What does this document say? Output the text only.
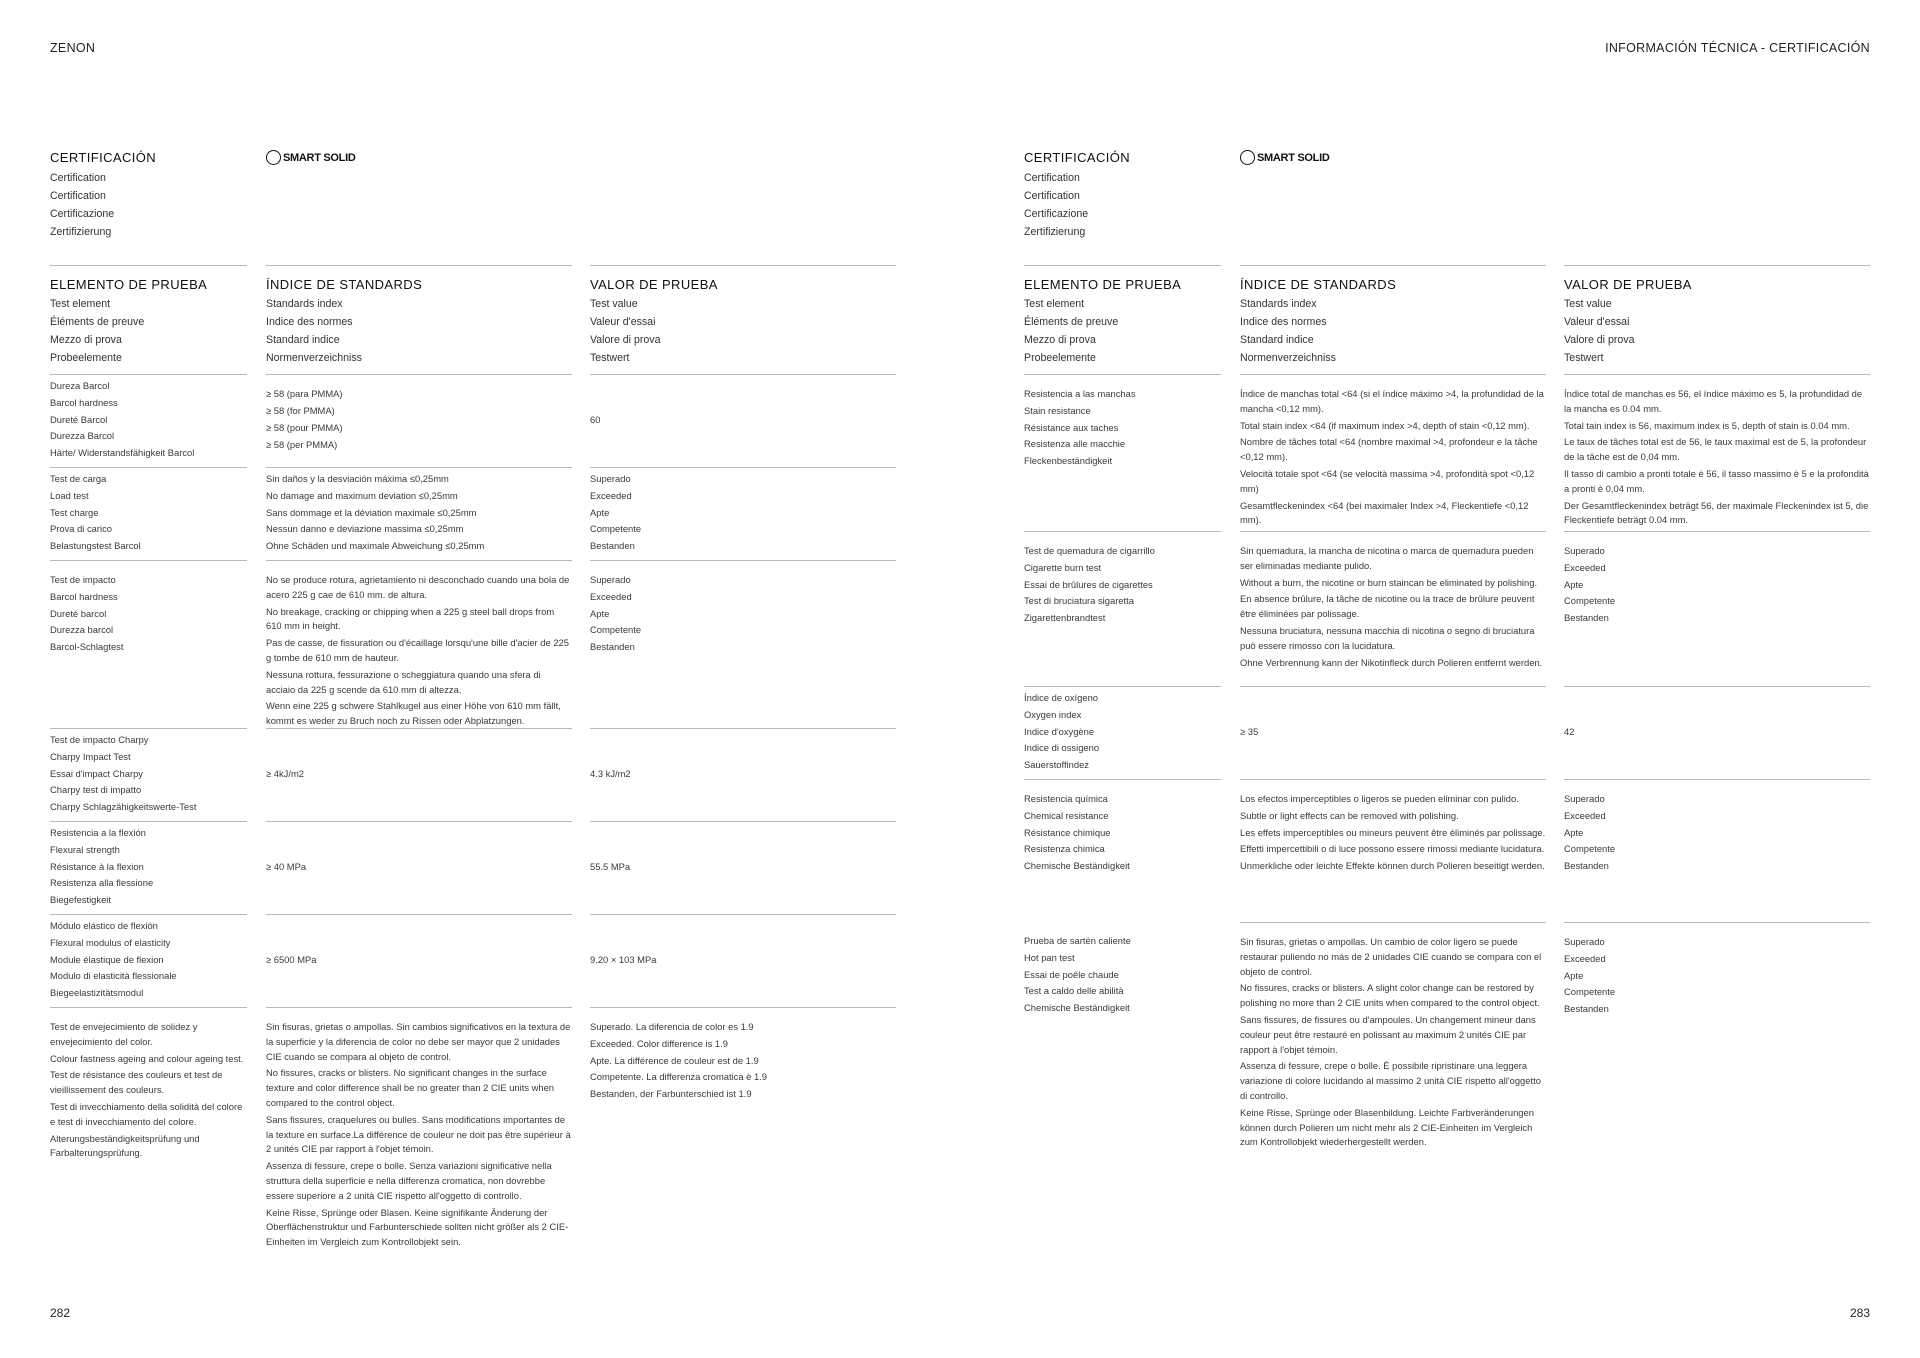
ZENON
CERTIFICACIÓN
Certification
Certification
Certificazione
Zertifizierung
SMART SOLID
ELEMENTO DE PRUEBA
Test element
Éléments de preuve
Mezzo di prova
Probeelemente

Dureza Barcol

Barcol hardness

Dureté Barcol

Durezza Barcol

Härte/ Widerstandsfähigkeit Barcol

Test de carga

Load test

Test charge

Prova di carico

Belastungstest Barcol

Test de impacto

Barcol hardness

Dureté barcol

Durezza barcol

Barcol-Schlagtest

Test de impacto Charpy

Charpy Impact Test

Essai d'impact Charpy

Charpy test di impatto

Charpy Schlagzähigkeitswerte-Test

Resistencia a la flexión

Flexural strength

Résistance à la flexion

Resistenza alla flessione

Biegefestigkeit

Módulo elástico de flexión

Flexural modulus of elasticity

Module élastique de flexion

Modulo di elasticità flessionale

Biegeelastizitätsmodul

Test de envejecimiento de solidez y envejecimiento del color.

Colour fastness ageing and colour ageing test.

Test de résistance des couleurs et test de vieillissement des couleurs.

Test di invecchiamento della solidità del colore e test di invecchiamento del colore.

Alterungsbeständigkeitsprüfung und Farbalterungsprüfung.

ÍNDICE DE STANDARDS
Standards index
Indice des normes
Standard indice
Normenverzeichniss

≥ 58 (para PMMA)

≥ 58 (for PMMA)

≥ 58 (pour PMMA)

≥ 58 (per PMMA)

Sin daños y la desviación máxima ≤0,25mm

No damage and maximum deviation ≤0,25mm

Sans dommage et la déviation maximale ≤0,25mm

Nessun danno e deviazione massima ≤0,25mm

Ohne Schäden und maximale Abweichung ≤0,25mm

No se produce rotura, agrietamiento ni desconchado cuando una bola de acero 225 g cae de 610 mm. de altura.

No breakage, cracking or chipping when a 225 g steel ball drops from 610 mm in height.

Pas de casse, de fissuration ou d'écaillage lorsqu'une bille d'acier de 225 g tombe de 610 mm de hauteur.

Nessuna rottura, fessurazione o scheggiatura quando una sfera di acciaio da 225 g scende da 610 mm di altezza.

Wenn eine 225 g schwere Stahlkugel aus einer Höhe von 610 mm fällt, kommt es weder zu Bruch noch zu Rissen oder Abplatzungen.

≥ 4kJ/m2

≥ 40 MPa

≥ 6500 MPa

Sin fisuras, grietas o ampollas. Sin cambios significativos en la textura de la superficie y la diferencia de color no debe ser mayor que 2 unidades CIE cuando se compara al objeto de control.

No fissures, cracks or blisters. No significant changes in the surface texture and color difference shall be no greater than 2 CIE units when compared to the control object.

Sans fissures, craquelures ou bulles. Sans modifications importantes de la texture en surface.La différence de couleur ne doit pas être supérieur à 2 unités CIE par rapport à l'objet témoin.

Assenza di fessure, crepe o bolle. Senza variazioni significative nella struttura della superficie e nella differenza cromatica, non dovrebbe essere superiore a 2 unità CIE rispetto all'oggetto di controllo.

Keine Risse, Sprünge oder Blasen. Keine signifikante Änderung der Oberflächenstruktur und Farbunterschiede sollten nicht größer als 2 CIE-Einheiten im Vergleich zum Kontrollobjekt sein.

VALOR DE PRUEBA
Test value
Valeur d'essai
Valore di prova
Testwert

60

Superado

Exceeded

Apte

Competente

Bestanden

Superado

Exceeded

Apte

Competente

Bestanden

4.3 kJ/m2

55.5 MPa

9.20 × 103 MPa

Superado. La diferencia de color es 1.9

Exceeded. Color difference is 1.9

Apte. La différence de couleur est de 1.9

Competente. La differenza cromatica è 1.9

Bestanden, der Farbunterschied ist 1.9

282
INFORMACIÓN TÉCNICA - CERTIFICACIÓN
CERTIFICACIÓN
Certification
Certification
Certificazione
Zertifizierung
SMART SOLID
ELEMENTO DE PRUEBA
Test element
Éléments de preuve
Mezzo di prova
Probeelemente

Resistencia a las manchas

Stain resistance

Résistance aux taches

Resistenza alle macchie

Fleckenbeständigkeit

Test de quemadura de cigarrillo

Cigarette burn test

Essai de brûlures de cigarettes

Test di bruciatura sigaretta

Zigarettenbrandtest

Índice de oxígeno

Oxygen index

Indice d'oxygène

Indice di ossigeno

Sauerstoffindez

Resistencia química

Chemical resistance

Résistance chimique

Resistenza chimica

Chemische Beständigkeit

Prueba de sartén caliente

Hot pan test

Essai de poêle chaude

Test a caldo delle abilità

Chemische Beständigkeit

ÍNDICE DE STANDARDS
Standards index
Indice des normes
Standard indice
Normenverzeichniss

Índice de manchas total <64 (si el índice máximo >4, la profundidad de la mancha <0,12 mm).

Total stain index <64 (if maximum index >4, depth of stain <0,12 mm).

Nombre de tâches total <64 (nombre maximal >4, profondeur e la tâche <0,12 mm).

Velocità totale spot <64 (se velocità massima >4, profondità spot <0,12 mm)

Gesamtfleckenindex <64 (bei maximaler Index >4, Fleckentiefe <0,12 mm).

Sin quemadura, la mancha de nicotina o marca de quemadura pueden ser eliminadas mediante pulido.

Without a burn, the nicotine or burn staincan be eliminated by polishing.

En absence brûlure, la tâche de nicotine ou la trace de brûlure peuvent être éliminées par polissage.

Nessuna bruciatura, nessuna macchia di nicotina o segno di bruciatura può essere rimosso con la lucidatura.

Ohne Verbrennung kann der Nikotinfleck durch Polieren entfernt werden.

≥ 35

Los efectos imperceptibles o ligeros se pueden eliminar con pulido.

Subtle or light effects can be removed with polishing.

Les effets imperceptibles ou mineurs peuvent être éliminés par polissage.

Effetti impercettibili o di luce possono essere rimossi mediante lucidatura.

Unmerkliche oder leichte Effekte können durch Polieren beseitigt werden.

Sin fisuras, grietas o ampollas. Un cambio de color ligero se puede restaurar puliendo no más de 2 unidades CIE cuando se compara con el objeto de control.

No fissures, cracks or blisters. A slight color change can be restored by polishing no more than 2 CIE units when compared to the control object.

Sans fissures, de fissures ou d'ampoules. Un changement mineur dans couleur peut être restauré en polissant au maximum 2 unités CIE par rapport à l'objet témoin.

Assenza di fessure, crepe o bolle. È possibile ripristinare una leggera variazione di colore lucidando al massimo 2 unità CIE rispetto all'oggetto di controllo.

Keine Risse, Sprünge oder Blasenbildung. Leichte Farbveränderungen können durch Polieren um nicht mehr als 2 CIE-Einheiten im Vergleich zum Kontrollobjekt wiederhergestellt werden.

VALOR DE PRUEBA
Test value
Valeur d'essai
Valore di prova
Testwert

Índice total de manchas es 56, el índice máximo es 5, la profundidad de la mancha es 0.04 mm.

Total tain index is 56, maximum index is 5, depth of stain is 0.04 mm.

Le taux de tâches total est de 56, le taux maximal est de 5, la profondeur de la tâche est de 0,04 mm.

Il tasso di cambio a pronti totale è 56, il tasso massimo è 5 e la profondità a pronti è 0,04 mm.

Der Gesamtfleckenindex beträgt 56, der maximale Fleckenindex ist 5, die Fleckentiefe beträgt 0.04 mm.

Superado

Exceeded

Apte

Competente

Bestanden

42

Superado

Exceeded

Apte

Competente

Bestanden

Superado

Exceeded

Apte

Competente

Bestanden

283
